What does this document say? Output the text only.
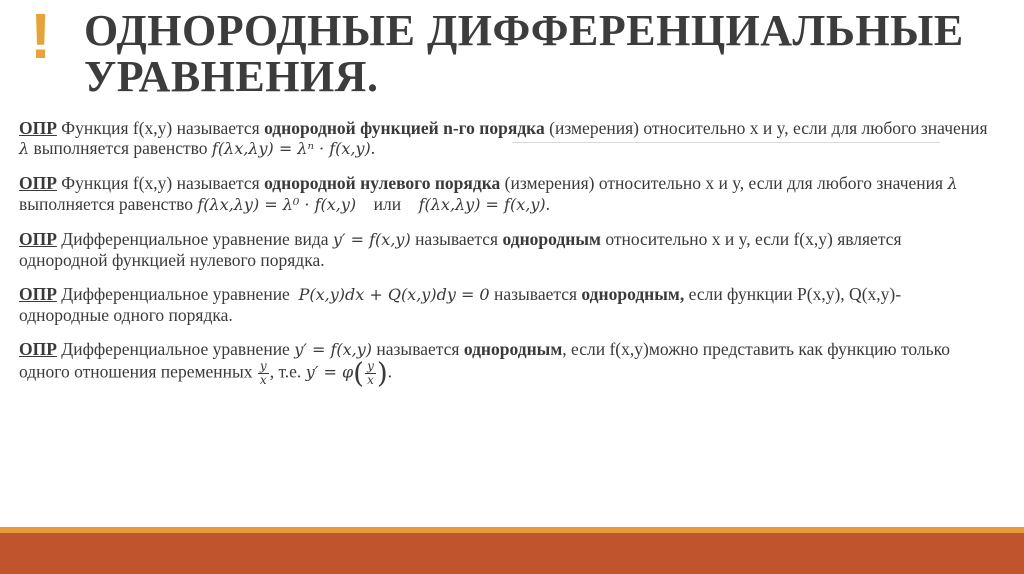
! ОДНОРОДНЫЕ ДИФФЕРЕНЦИАЛЬНЫЕ УРАВНЕНИЯ.

ОПР Функция f(x,y) называется однородной функцией n-го порядка (измерения) относительно x и y, если для любого значения λ выполняется равенство f(λx,λy) = λⁿ · f(x,y).

ОПР Функция f(x,y) называется однородной нулевого порядка (измерения) относительно x и y, если для любого значения λ выполняется равенство f(λx,λy) = λ⁰ · f(x,y)    или    f(λx,λy) = f(x,y).

ОПР Дифференциальное уравнение вида y′ = f(x,y) называется однородным относительно x и y, если f(x,y) является однородной функцией нулевого порядка.

ОПР Дифференциальное уравнение  P(x,y)dx + Q(x,y)dy = 0 называется однородным, если функции P(x,y), Q(x,y)- однородные одного порядка.

ОПР Дифференциальное уравнение y′ = f(x,y) называется однородным, если f(x,y)можно представить как функцию только одного отношения переменных $\frac{y}{x}$ , т.е. $y' = \varphi( \frac{y}{x}$ ).
